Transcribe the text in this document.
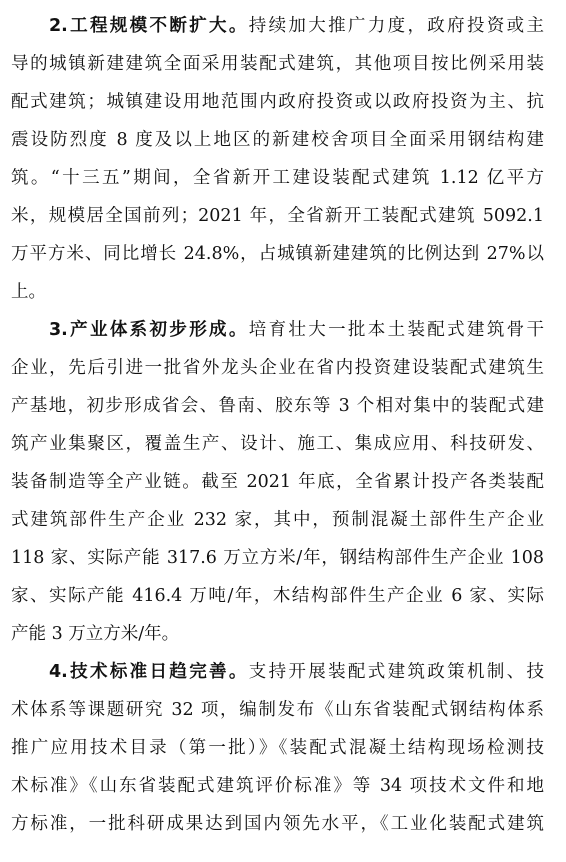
2.工程规模不断扩大。持续加大推广力度，政府投资或主
导的城镇新建建筑全面采用装配式建筑，其他项目按比例采用装
配式建筑；城镇建设用地范围内政府投资或以政府投资为主、抗
震设防烈度 8 度及以上地区的新建校舍项目全面采用钢结构建
筑。“十三五”期间，全省新开工建设装配式建筑 1.12 亿平方
米，规模居全国前列；2021 年，全省新开工装配式建筑 5092.1
万平方米、同比增长 24.8%，占城镇新建建筑的比例达到 27%以
上。
3.产业体系初步形成。培育壮大一批本土装配式建筑骨干
企业，先后引进一批省外龙头企业在省内投资建设装配式建筑生
产基地，初步形成省会、鲁南、胶东等 3 个相对集中的装配式建
筑产业集聚区，覆盖生产、设计、施工、集成应用、科技研发、
装备制造等全产业链。截至 2021 年底，全省累计投产各类装配
式建筑部件生产企业 232 家，其中，预制混凝土部件生产企业
118 家、实际产能 317.6 万立方米/年，钢结构部件生产企业 108
家、实际产能 416.4 万吨/年，木结构部件生产企业 6 家、实际
产能 3 万立方米/年。
4.技术标准日趋完善。支持开展装配式建筑政策机制、技
术体系等课题研究 32 项，编制发布《山东省装配式钢结构体系
推广应用技术目录（第一批）》《装配式混凝土结构现场检测技
术标准》《山东省装配式建筑评价标准》等 34 项技术文件和地
方标准，一批科研成果达到国内领先水平，《工业化装配式建筑
